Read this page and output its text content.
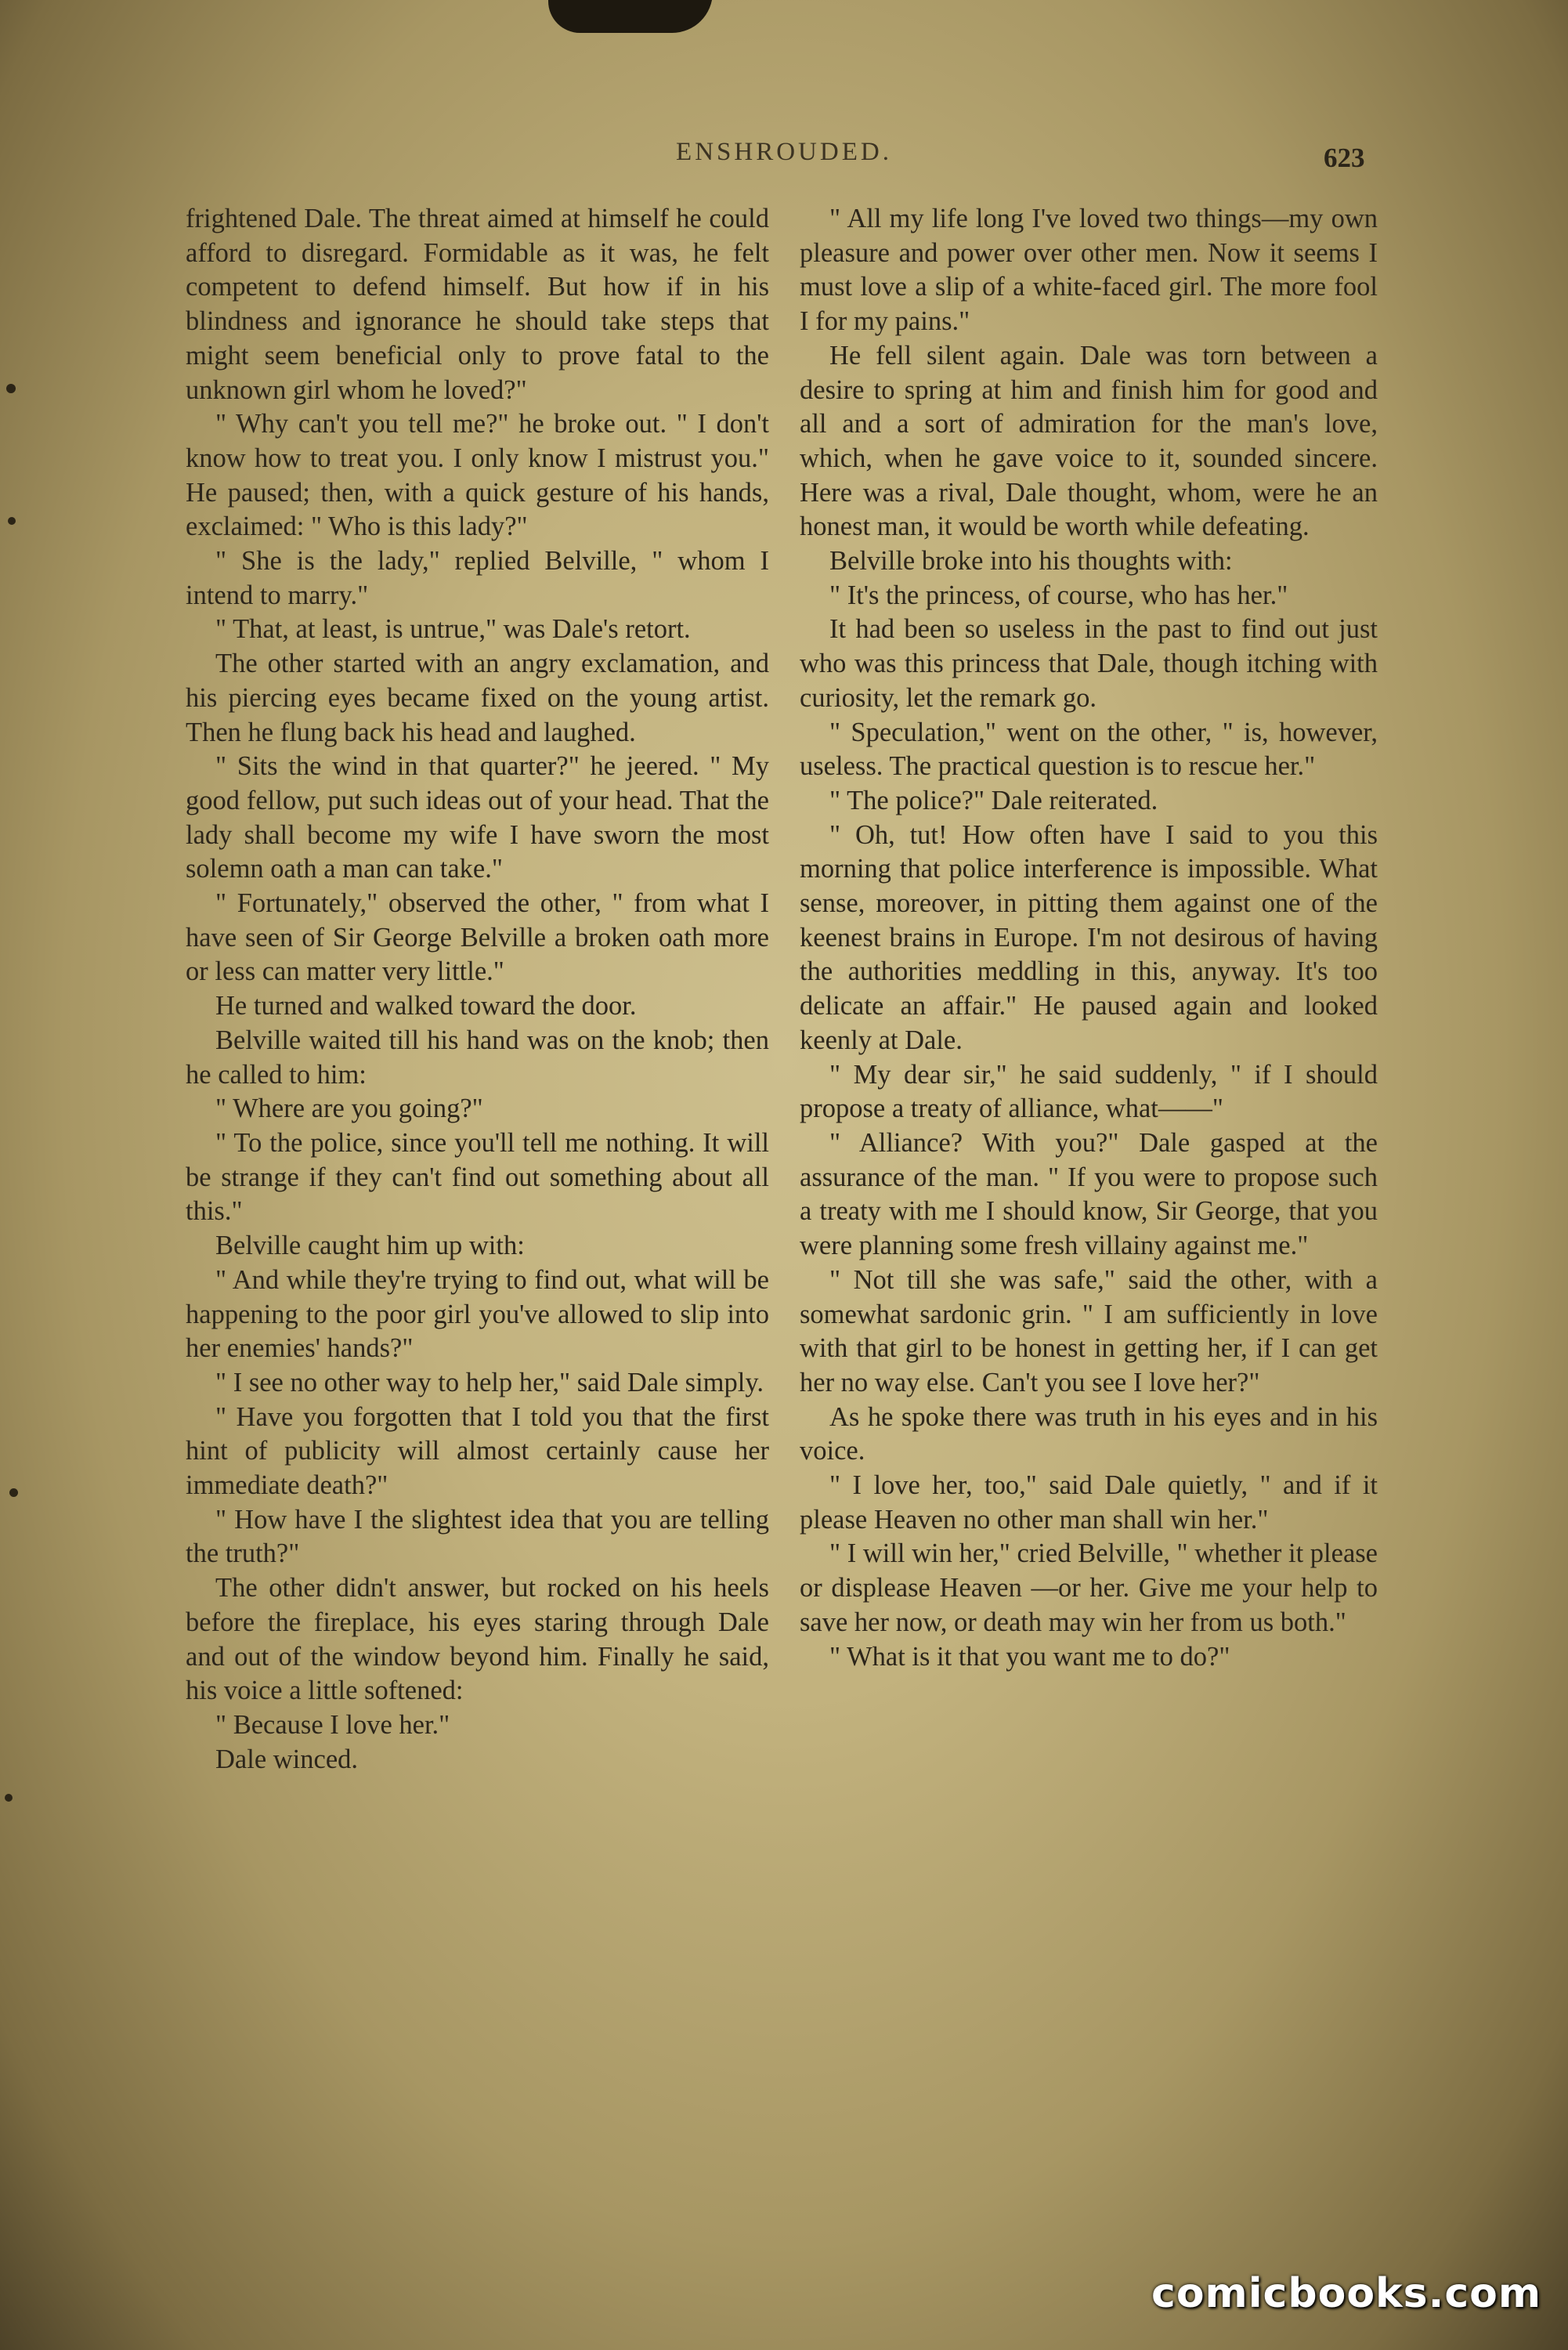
ENSHROUDED.	623

frightened Dale. The threat aimed at himself he could afford to disregard. Formidable as it was, he felt competent to defend himself. But how if in his blindness and ignorance he should take steps that might seem beneficial only to prove fatal to the unknown girl whom he loved?"

" Why can't you tell me?" he broke out. " I don't know how to treat you. I only know I mistrust you." He paused; then, with a quick gesture of his hands, exclaimed: " Who is this lady?"

" She is the lady," replied Belville, " whom I intend to marry."

" That, at least, is untrue," was Dale's retort.

The other started with an angry exclamation, and his piercing eyes became fixed on the young artist. Then he flung back his head and laughed.

" Sits the wind in that quarter?" he jeered. " My good fellow, put such ideas out of your head. That the lady shall become my wife I have sworn the most solemn oath a man can take."

" Fortunately," observed the other, " from what I have seen of Sir George Belville a broken oath more or less can matter very little."

He turned and walked toward the door.

Belville waited till his hand was on the knob; then he called to him:

" Where are you going?"

" To the police, since you'll tell me nothing. It will be strange if they can't find out something about all this."

Belville caught him up with:

" And while they're trying to find out, what will be happening to the poor girl you've allowed to slip into her enemies' hands?"

" I see no other way to help her," said Dale simply.

" Have you forgotten that I told you that the first hint of publicity will almost certainly cause her immediate death?"

" How have I the slightest idea that you are telling the truth?"

The other didn't answer, but rocked on his heels before the fireplace, his eyes staring through Dale and out of the window beyond him. Finally he said, his voice a little softened:

" Because I love her."

Dale winced.

" All my life long I've loved two things—my own pleasure and power over other men. Now it seems I must love a slip of a white-faced girl. The more fool I for my pains."

He fell silent again. Dale was torn between a desire to spring at him and finish him for good and all and a sort of admiration for the man's love, which, when he gave voice to it, sounded sincere. Here was a rival, Dale thought, whom, were he an honest man, it would be worth while defeating.

Belville broke into his thoughts with:

" It's the princess, of course, who has her."

It had been so useless in the past to find out just who was this princess that Dale, though itching with curiosity, let the remark go.

" Speculation," went on the other, " is, however, useless. The practical question is to rescue her."

" The police?" Dale reiterated.

" Oh, tut! How often have I said to you this morning that police interference is impossible. What sense, moreover, in pitting them against one of the keenest brains in Europe. I'm not desirous of having the authorities meddling in this, anyway. It's too delicate an affair." He paused again and looked keenly at Dale.

" My dear sir," he said suddenly, " if I should propose a treaty of alliance, what——"

" Alliance? With you?" Dale gasped at the assurance of the man. " If you were to propose such a treaty with me I should know, Sir George, that you were planning some fresh villainy against me."

" Not till she was safe," said the other, with a somewhat sardonic grin. " I am sufficiently in love with that girl to be honest in getting her, if I can get her no way else. Can't you see I love her?"

As he spoke there was truth in his eyes and in his voice.

" I love her, too," said Dale quietly, " and if it please Heaven no other man shall win her."

" I will win her," cried Belville, " whether it please or displease Heaven —or her. Give me your help to save her now, or death may win her from us both."

" What is it that you want me to do?"

comicbooks.com
